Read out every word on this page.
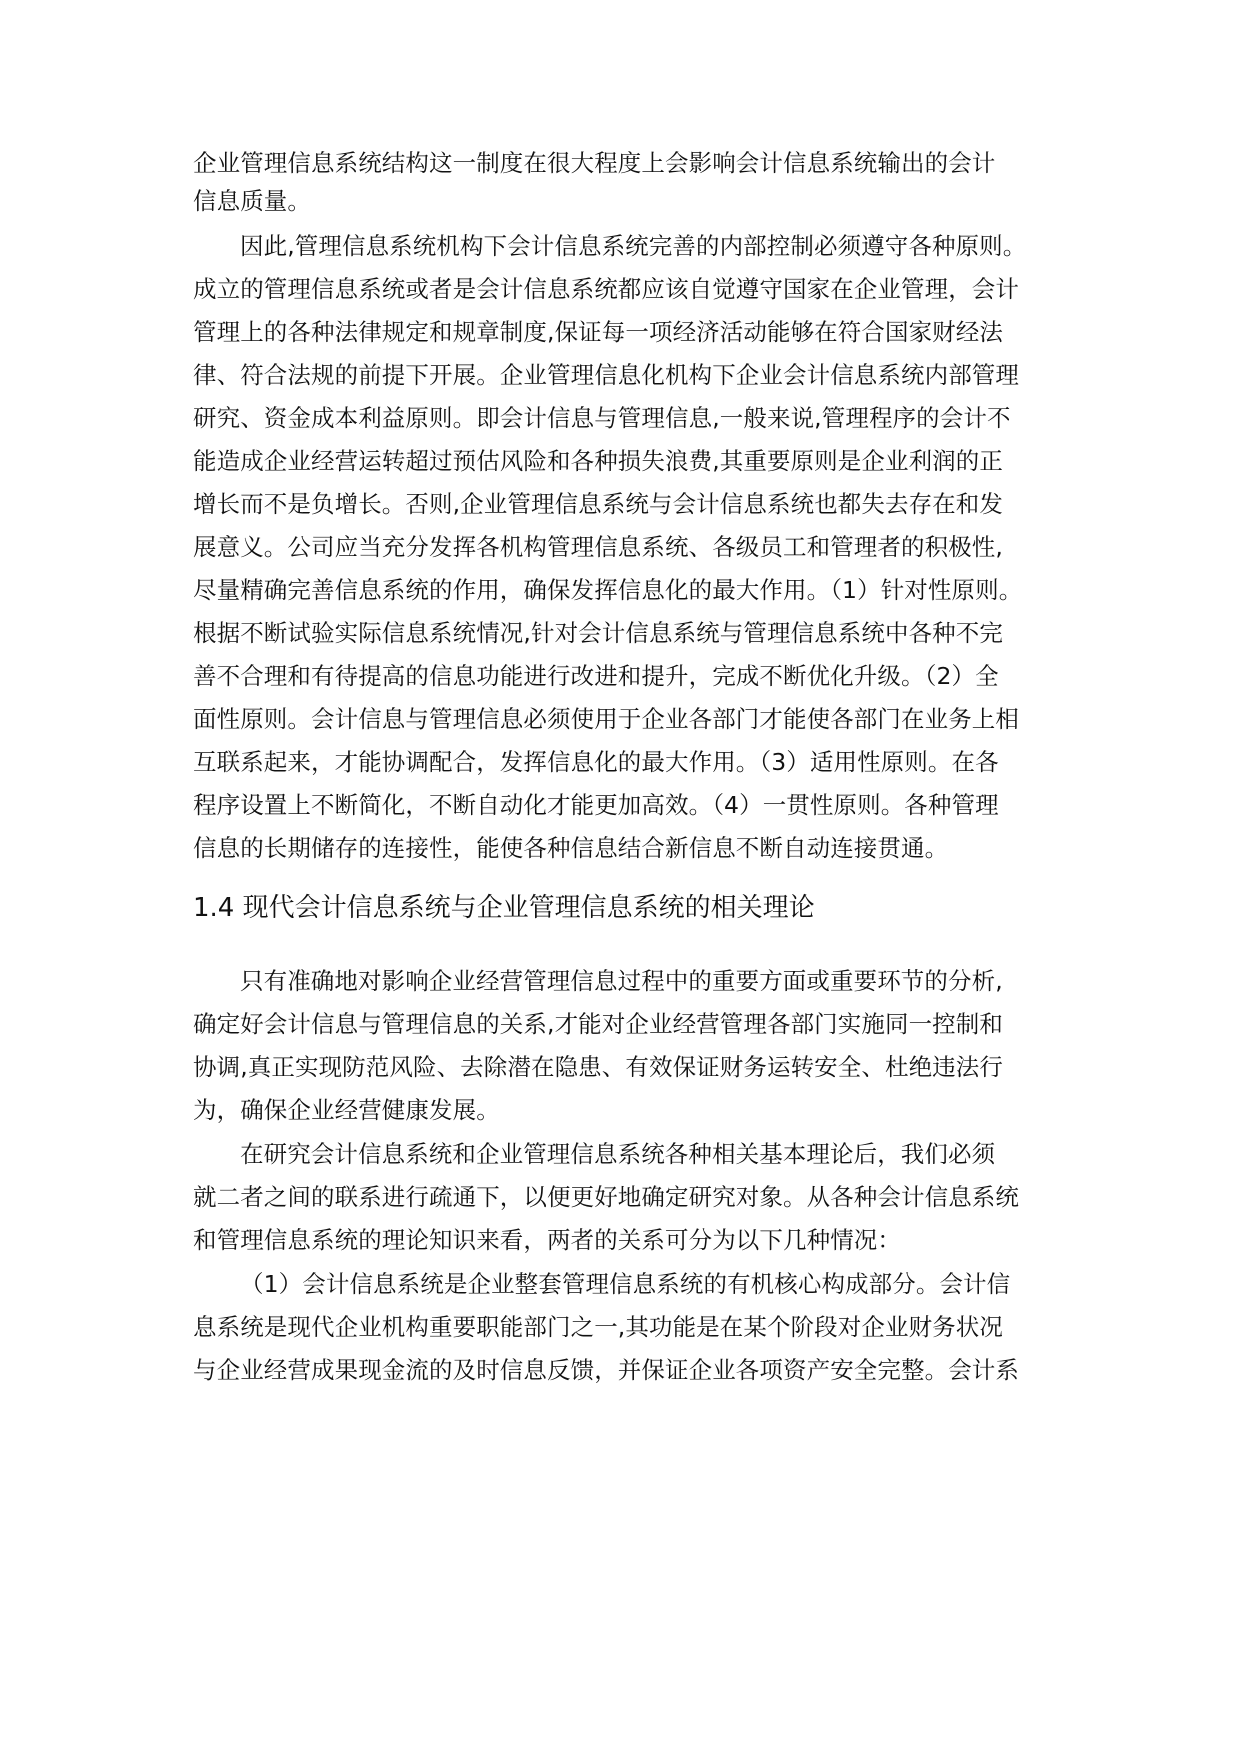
企业管理信息系统结构这一制度在很大程度上会影响会计信息系统输出的会计
信息质量。
因此,管理信息系统机构下会计信息系统完善的内部控制必须遵守各种原则。
成立的管理信息系统或者是会计信息系统都应该自觉遵守国家在企业管理，会计
管理上的各种法律规定和规章制度,保证每一项经济活动能够在符合国家财经法
律、符合法规的前提下开展。企业管理信息化机构下企业会计信息系统内部管理
研究、资金成本利益原则。即会计信息与管理信息,一般来说,管理程序的会计不
能造成企业经营运转超过预估风险和各种损失浪费,其重要原则是企业利润的正
增长而不是负增长。否则,企业管理信息系统与会计信息系统也都失去存在和发
展意义。公司应当充分发挥各机构管理信息系统、各级员工和管理者的积极性,
尽量精确完善信息系统的作用，确保发挥信息化的最大作用。（1）针对性原则。
根据不断试验实际信息系统情况,针对会计信息系统与管理信息系统中各种不完
善不合理和有待提高的信息功能进行改进和提升，完成不断优化升级。（2）全
面性原则。会计信息与管理信息必须使用于企业各部门才能使各部门在业务上相
互联系起来，才能协调配合，发挥信息化的最大作用。（3）适用性原则。在各
程序设置上不断简化，不断自动化才能更加高效。（4）一贯性原则。各种管理
信息的长期储存的连接性，能使各种信息结合新信息不断自动连接贯通。
1.4 现代会计信息系统与企业管理信息系统的相关理论
只有准确地对影响企业经营管理信息过程中的重要方面或重要环节的分析,
确定好会计信息与管理信息的关系,才能对企业经营管理各部门实施同一控制和
协调,真正实现防范风险、去除潜在隐患、有效保证财务运转安全、杜绝违法行
为，确保企业经营健康发展。
在研究会计信息系统和企业管理信息系统各种相关基本理论后，我们必须
就二者之间的联系进行疏通下，以便更好地确定研究对象。从各种会计信息系统
和管理信息系统的理论知识来看，两者的关系可分为以下几种情况：
（1）会计信息系统是企业整套管理信息系统的有机核心构成部分。会计信
息系统是现代企业机构重要职能部门之一,其功能是在某个阶段对企业财务状况
与企业经营成果现金流的及时信息反馈，并保证企业各项资产安全完整。会计系
